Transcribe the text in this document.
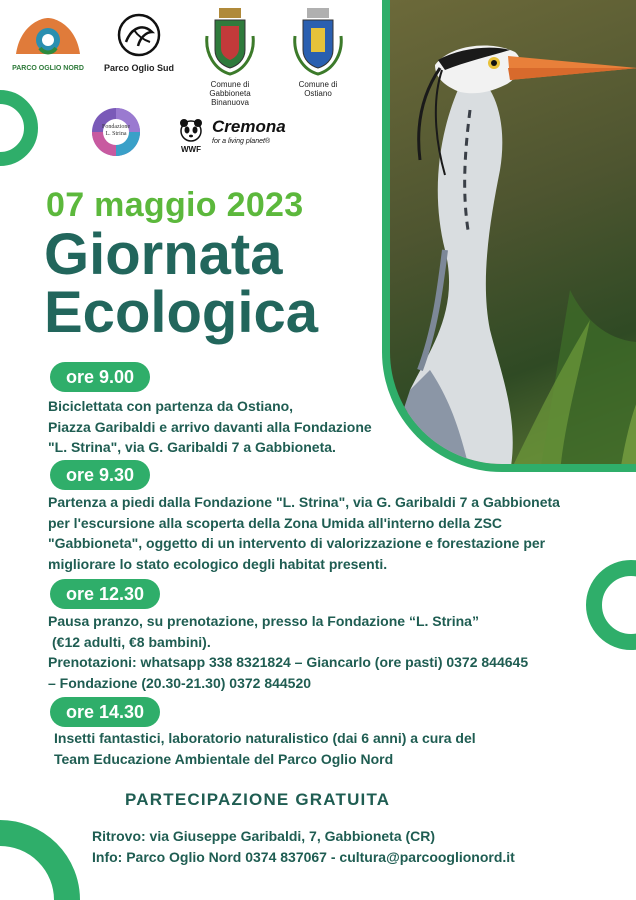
PARCO OGLIO NORD	Parco Oglio Sud
Comune di
Gabbioneta Binanuova
Comune di
Ostiano
Fondazione
L. Strina
WWF
Cremona
for a living planet®
07 maggio 2023
Giornata
Ecologica
ore 9.00
Biciclettata con partenza da Ostiano,
Piazza Garibaldi e arrivo davanti alla Fondazione
"L. Strina", via G. Garibaldi 7 a Gabbioneta.
ore 9.30
Partenza a piedi dalla Fondazione "L. Strina", via G. Garibaldi 7 a Gabbioneta
per l'escursione alla scoperta della Zona Umida all'interno della ZSC
"Gabbioneta", oggetto di un intervento di valorizzazione e forestazione per
migliorare lo stato ecologico degli habitat presenti.
ore 12.30
Pausa pranzo, su prenotazione, presso la Fondazione “L. Strina”
(€12 adulti, €8 bambini).
Prenotazioni: whatsapp 338 8321824 – Giancarlo (ore pasti) 0372 844645
– Fondazione (20.30-21.30) 0372 844520
ore 14.30
Insetti fantastici, laboratorio naturalistico (dai 6 anni) a cura del
Team Educazione Ambientale del Parco Oglio Nord
PARTECIPAZIONE GRATUITA
Ritrovo: via Giuseppe Garibaldi, 7, Gabbioneta (CR)
Info: Parco Oglio Nord 0374 837067 - cultura@parcooglionord.it
